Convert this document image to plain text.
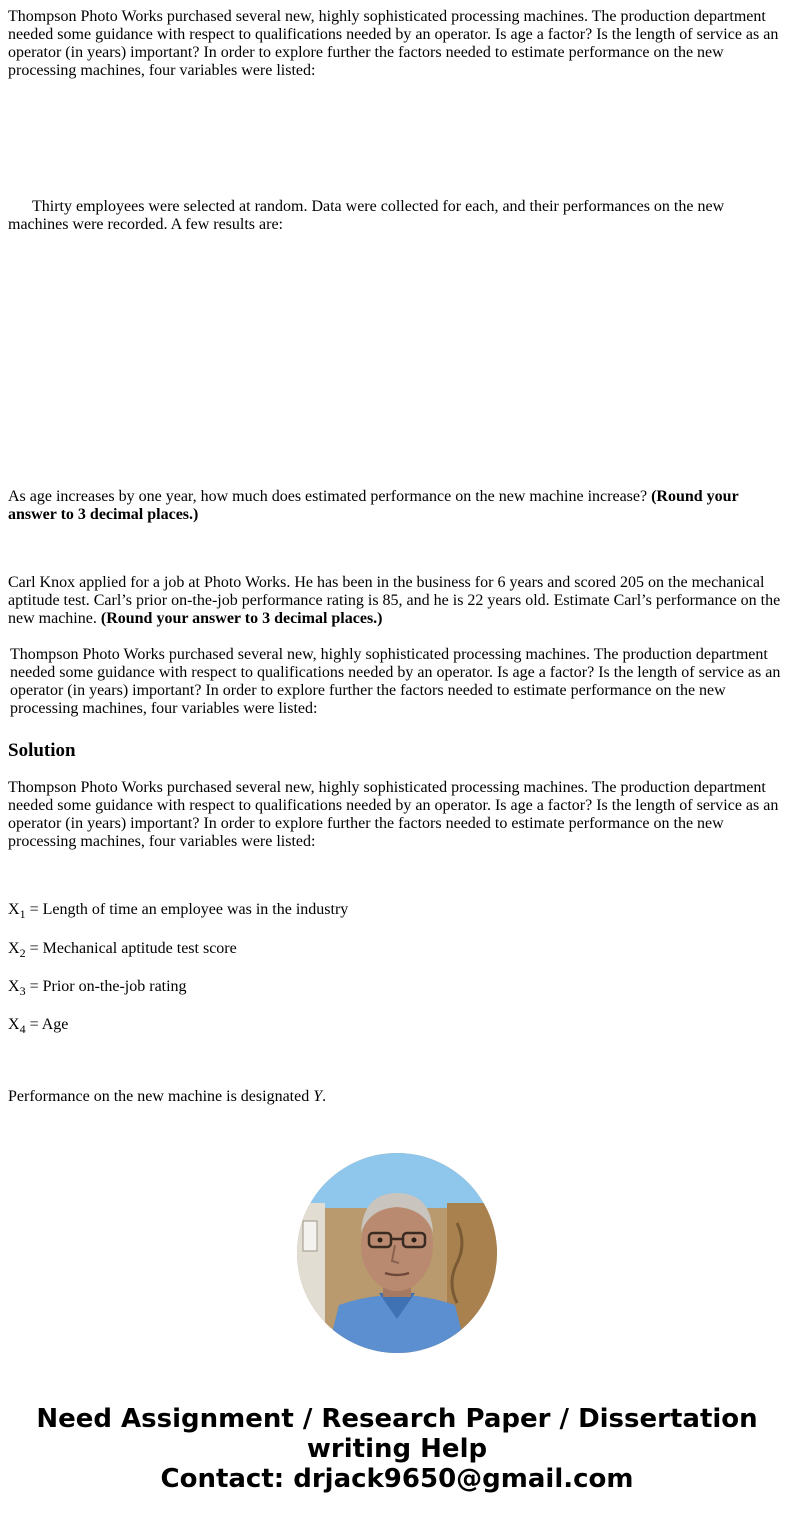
Thompson Photo Works purchased several new, highly sophisticated processing machines. The production department needed some guidance with respect to qualifications needed by an operator. Is age a factor? Is the length of service as an operator (in years) important? In order to explore further the factors needed to estimate performance on the new processing machines, four variables were listed:

Thirty employees were selected at random. Data were collected for each, and their performances on the new machines were recorded. A few results are:

As age increases by one year, how much does estimated performance on the new machine increase? (Round your answer to 3 decimal places.)

Carl Knox applied for a job at Photo Works. He has been in the business for 6 years and scored 205 on the mechanical aptitude test. Carl’s prior on-the-job performance rating is 85, and he is 22 years old. Estimate Carl’s performance on the new machine. (Round your answer to 3 decimal places.)

Thompson Photo Works purchased several new, highly sophisticated processing machines. The production department needed some guidance with respect to qualifications needed by an operator. Is age a factor? Is the length of service as an operator (in years) important? In order to explore further the factors needed to estimate performance on the new processing machines, four variables were listed:

Solution

Thompson Photo Works purchased several new, highly sophisticated processing machines. The production department needed some guidance with respect to qualifications needed by an operator. Is age a factor? Is the length of service as an operator (in years) important? In order to explore further the factors needed to estimate performance on the new processing machines, four variables were listed:

$X_1$ = Length of time an employee was in the industry

$X_2$ = Mechanical aptitude test score

$X_3$ = Prior on-the-job rating

$X_4$ = Age

Performance on the new machine is designated Y.

Need Assignment / Research Paper / Dissertation
writing Help
Contact: drjack9650@gmail.com
